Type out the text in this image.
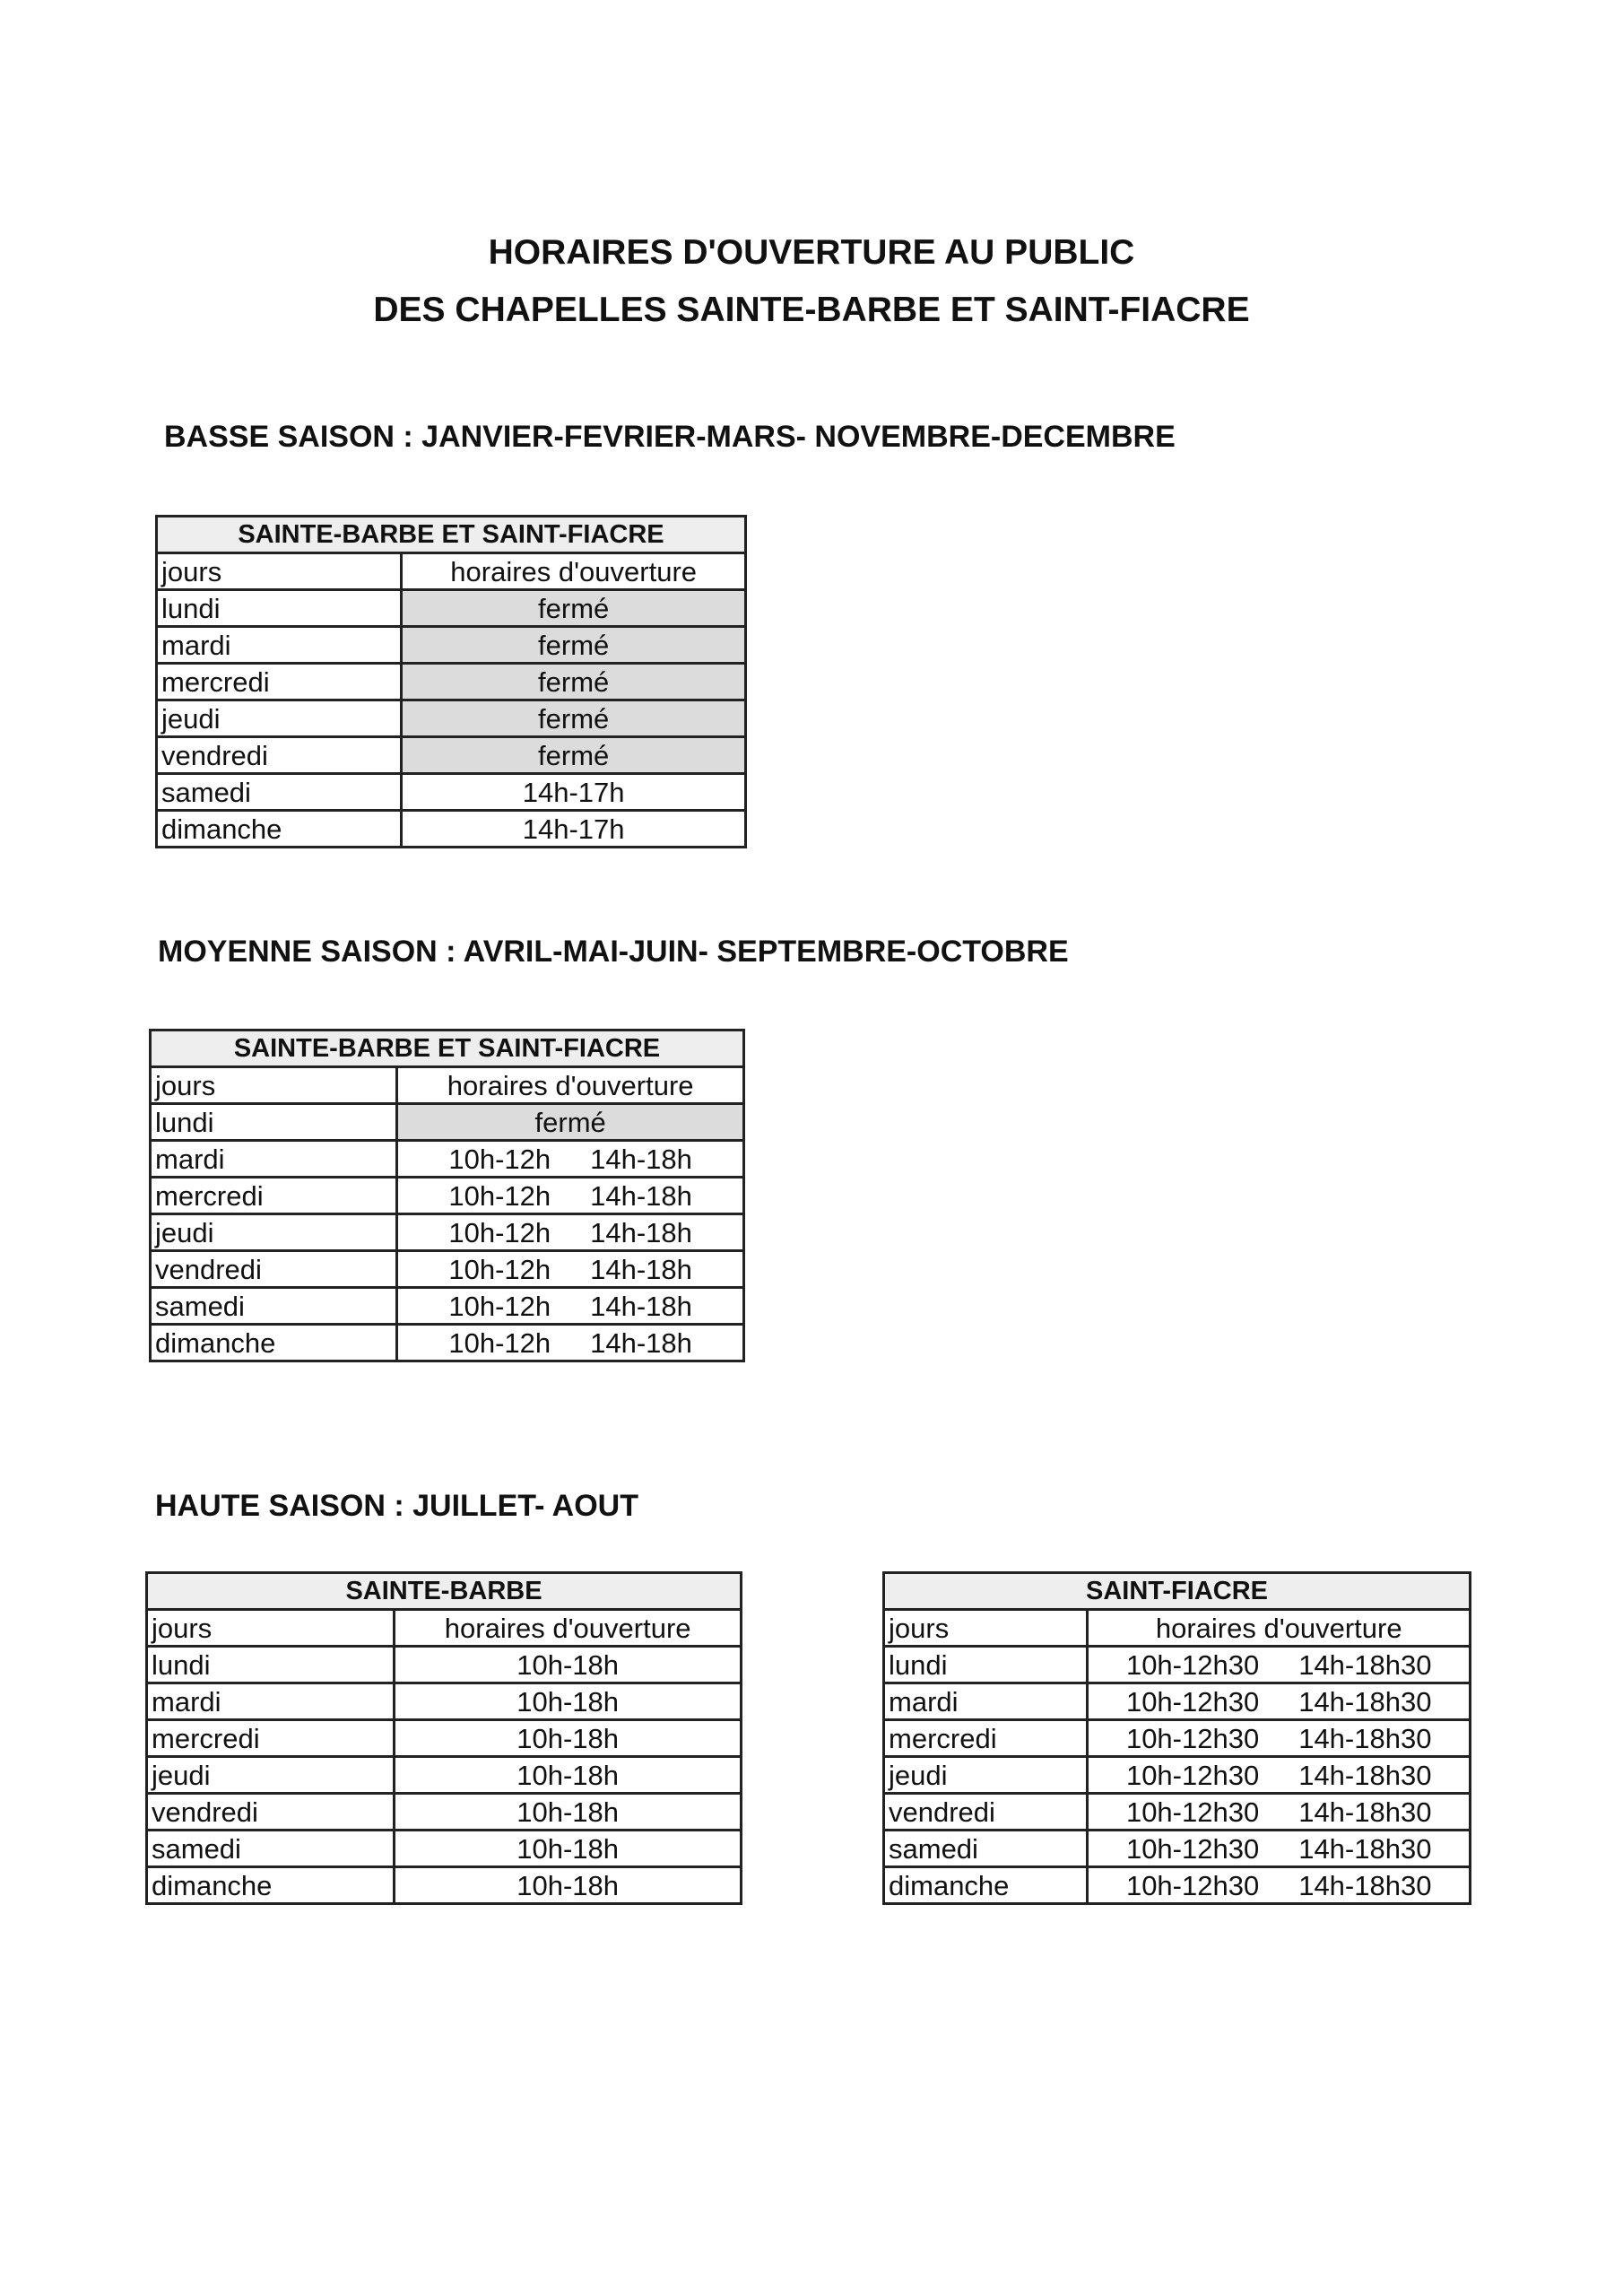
HORAIRES D'OUVERTURE AU PUBLIC
DES CHAPELLES SAINTE-BARBE ET SAINT-FIACRE
BASSE SAISON : JANVIER-FEVRIER-MARS- NOVEMBRE-DECEMBRE
SAINTE-BARBE ET SAINT-FIACRE	
jours	horaires d'ouverture
lundi	fermé
mardi	fermé
mercredi	fermé
jeudi	fermé
vendredi	fermé
samedi	14h-17h
dimanche	14h-17h
MOYENNE SAISON : AVRIL-MAI-JUIN- SEPTEMBRE-OCTOBRE
SAINTE-BARBE ET SAINT-FIACRE	
jours	horaires d'ouverture
lundi	fermé
mardi	10h-12h 14h-18h
mercredi	10h-12h 14h-18h
jeudi	10h-12h 14h-18h
vendredi	10h-12h 14h-18h
samedi	10h-12h 14h-18h
dimanche	10h-12h 14h-18h
HAUTE SAISON : JUILLET- AOUT
SAINTE-BARBE	
jours	horaires d'ouverture
lundi	10h-18h
mardi	10h-18h
mercredi	10h-18h
jeudi	10h-18h
vendredi	10h-18h
samedi	10h-18h
dimanche	10h-18h
SAINT-FIACRE	
jours	horaires d'ouverture
lundi	10h-12h30 14h-18h30
mardi	10h-12h30 14h-18h30
mercredi	10h-12h30 14h-18h30
jeudi	10h-12h30 14h-18h30
vendredi	10h-12h30 14h-18h30
samedi	10h-12h30 14h-18h30
dimanche	10h-12h30 14h-18h30
